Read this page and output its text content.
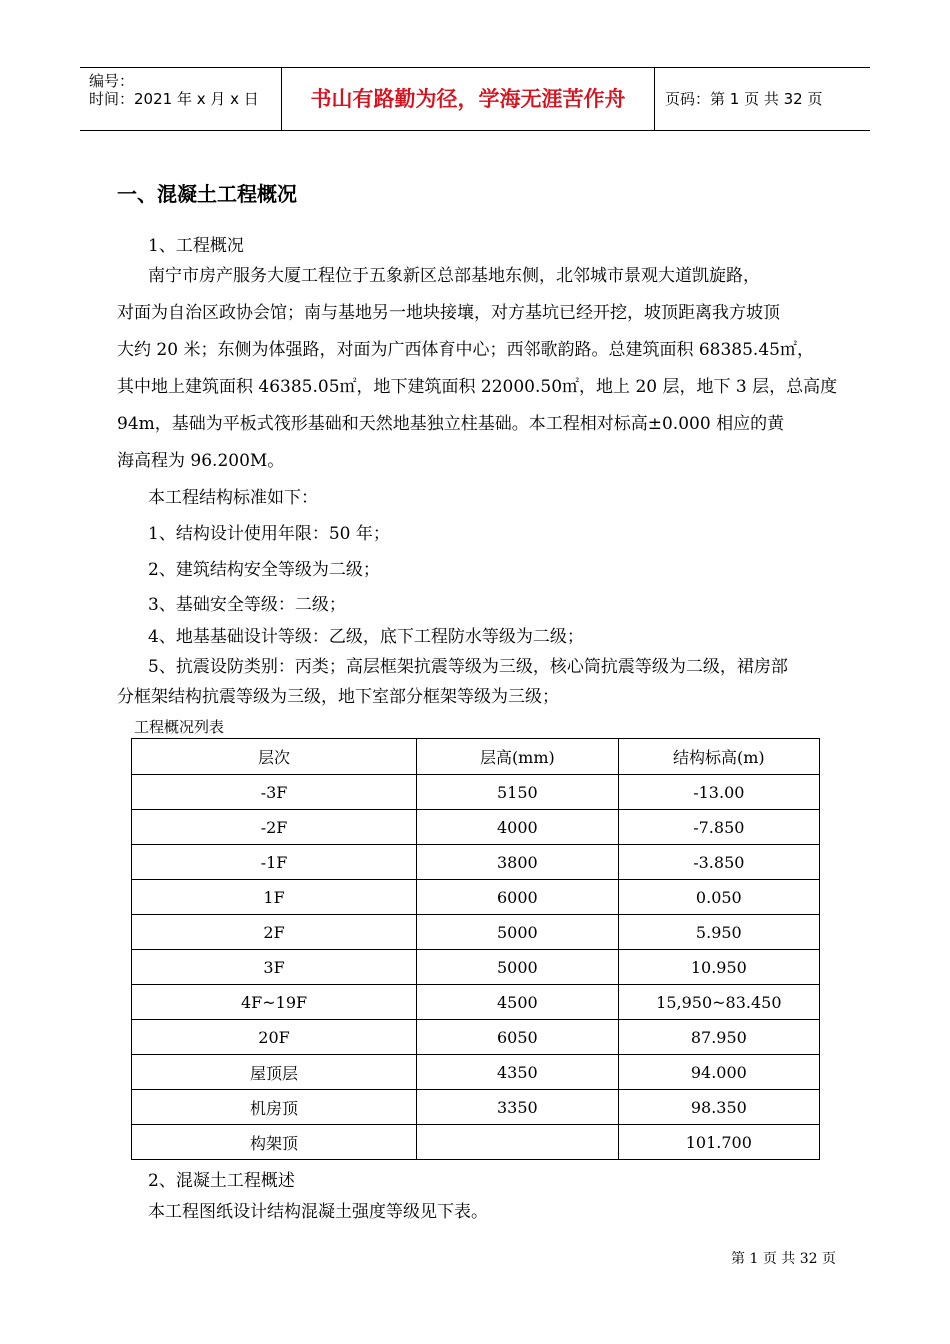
编号：
时间：2021 年 x 月 x 日	书山有路勤为径，学海无涯苦作舟	页码：第 1 页 共 32 页
一、混凝土工程概况
1、工程概况
南宁市房产服务大厦工程位于五象新区总部基地东侧，北邻城市景观大道凯旋路，
对面为自治区政协会馆；南与基地另一地块接壤，对方基坑已经开挖，坡顶距离我方坡顶
大约 20 米；东侧为体强路，对面为广西体育中心；西邻歌韵路。总建筑面积 68385.45㎡，
其中地上建筑面积 46385.05㎡，地下建筑面积 22000.50㎡，地上 20 层，地下 3 层，总高度
94m，基础为平板式筏形基础和天然地基独立柱基础。本工程相对标高±0.000 相应的黄
海高程为 96.200M。
本工程结构标准如下：
1、结构设计使用年限：50 年；
2、建筑结构安全等级为二级；
3、基础安全等级：二级；
4、地基基础设计等级：乙级，底下工程防水等级为二级；
5、抗震设防类别：丙类；高层框架抗震等级为三级，核心筒抗震等级为二级，裙房部
分框架结构抗震等级为三级，地下室部分框架等级为三级；
工程概况列表
层次	层高(mm)	结构标高(m)
-3F	5150	-13.00
-2F	4000	-7.850
-1F	3800	-3.850
1F	6000	0.050
2F	5000	5.950
3F	5000	10.950
4F~19F	4500	15,950~83.450
20F	6050	87.950
屋顶层	4350	94.000
机房顶	3350	98.350
构架顶		101.700
2、混凝土工程概述
本工程图纸设计结构混凝土强度等级见下表。
第 1 页 共 32 页
